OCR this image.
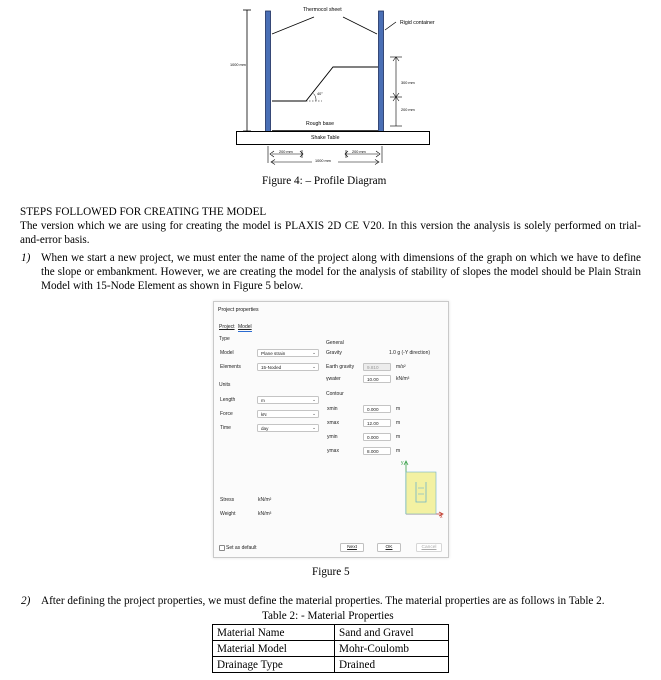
Thermocol sheet
Rigid container
1000 mm
40°
300 mm
200 mm
Rough base
Shake Table
200 mm	200 mm
1000 mm
Figure 4: – Profile Diagram
STEPS FOLLOWED FOR CREATING THE MODEL
The version which we are using for creating the model is PLAXIS 2D CE V20. In this version the analysis is solely performed on trial-and-error basis.
1) When we start a new project, we must enter the name of the project along with dimensions of the graph on which we have to define the slope or embankment. However, we are creating the model for the analysis of stability of slopes the model should be Plain Strain Model with 15-Node Element as shown in Figure 5 below.
Project properties
Project Model
Type
Model	Plane strain	⌄
Elements	15-Noded	⌄
Units
Length	m	⌄
Force	kN	⌄
Time	day	⌄
Stress	kN/m²
Weight	kN/m³
General
Gravity	1.0 g (-Y direction)
Earth gravity	9.810	m/s²
γwater	10.00	kN/m³
Contour
xmin	0.000	m
xmax	12.00	m
ymin	0.000	m
ymax	8.000	m
y
x
Set as default	Next	OK	Cancel
Figure 5
2) After defining the project properties, we must define the material properties. The material properties are as follows in Table 2.
Table 2: - Material Properties
Material Name	Sand and Gravel
Material Model	Mohr-Coulomb
Drainage Type	Drained
